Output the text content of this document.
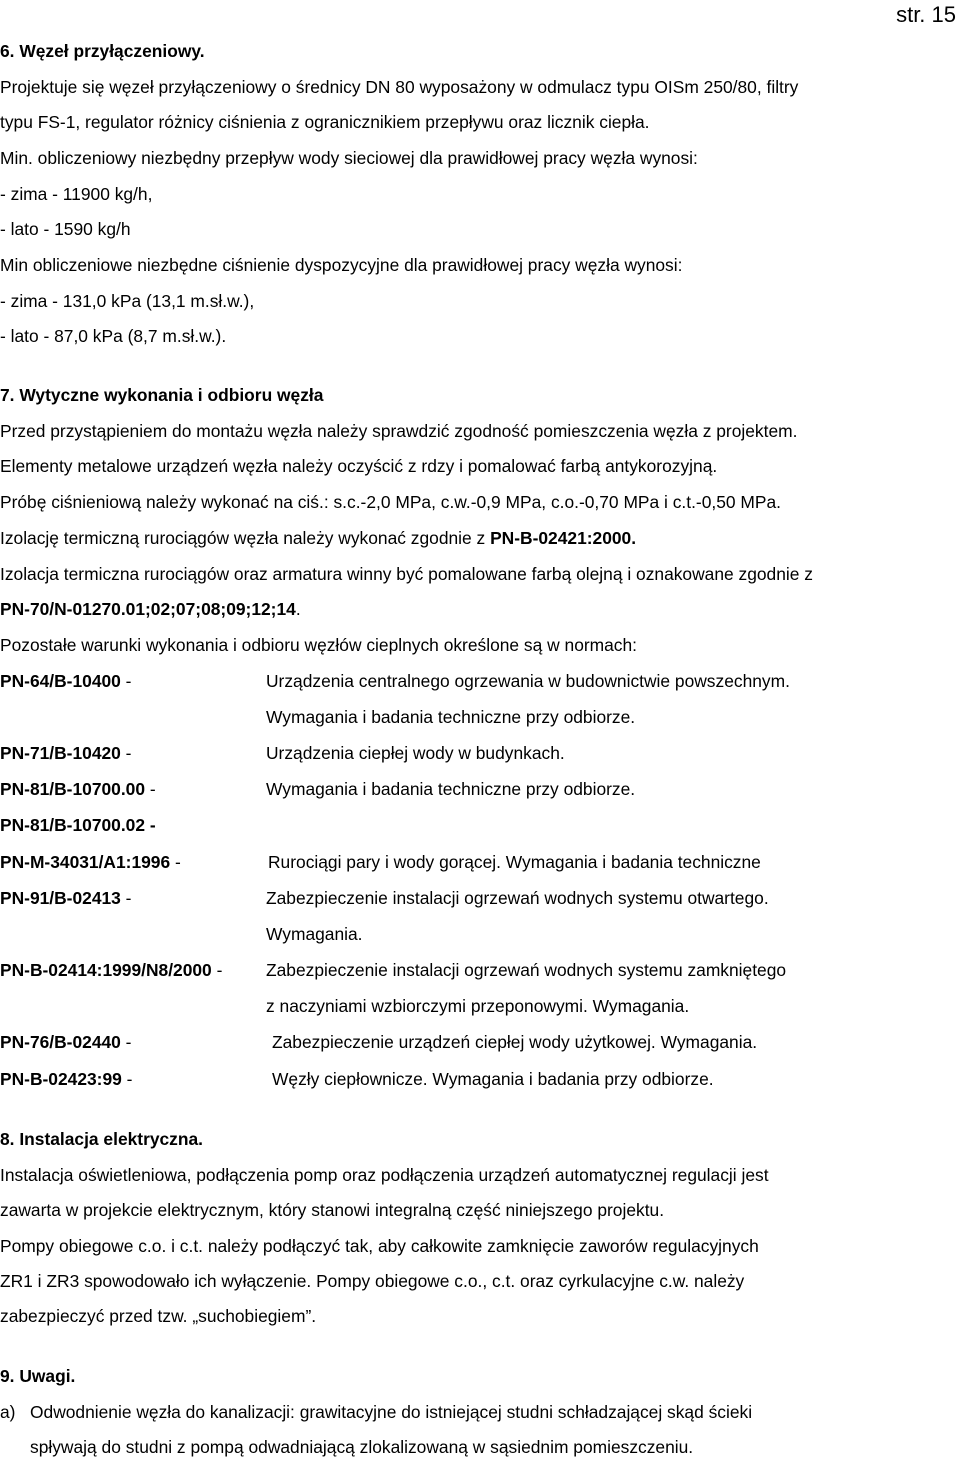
str. 15
6. Węzeł przyłączeniowy.
Projektuje się węzeł przyłączeniowy o średnicy DN 80 wyposażony w odmulacz typu OISm 250/80, filtry
typu FS-1, regulator różnicy ciśnienia z ogranicznikiem przepływu oraz licznik ciepła.
Min. obliczeniowy niezbędny przepływ wody sieciowej dla prawidłowej pracy węzła wynosi:
- zima - 11900 kg/h,
- lato - 1590 kg/h
Min obliczeniowe niezbędne ciśnienie dyspozycyjne dla prawidłowej pracy węzła wynosi:
- zima - 131,0 kPa (13,1 m.sł.w.),
- lato - 87,0 kPa (8,7 m.sł.w.).
7. Wytyczne wykonania i odbioru węzła
Przed przystąpieniem do montażu węzła należy sprawdzić zgodność pomieszczenia węzła z projektem.
Elementy metalowe urządzeń węzła należy oczyścić z rdzy i pomalować farbą antykorozyjną.
Próbę ciśnieniową należy wykonać na ciś.: s.c.-2,0 MPa, c.w.-0,9 MPa, c.o.-0,70 MPa i c.t.-0,50 MPa.
Izolację termiczną rurociągów węzła należy wykonać zgodnie z PN-B-02421:2000.
Izolacja termiczna rurociągów oraz armatura winny być pomalowane farbą olejną i oznakowane zgodnie z
PN-70/N-01270.01;02;07;08;09;12;14.
Pozostałe warunki wykonania i odbioru węzłów cieplnych określone są w normach:
PN-64/B-10400 -	Urządzenia centralnego ogrzewania w budownictwie powszechnym.
Wymagania i badania techniczne przy odbiorze.
PN-71/B-10420 -	Urządzenia ciepłej wody w budynkach.
PN-81/B-10700.00 -	Wymagania i badania techniczne przy odbiorze.
PN-81/B-10700.02 -
PN-M-34031/A1:1996 -	Rurociągi pary i wody gorącej. Wymagania i badania techniczne
PN-91/B-02413 -	Zabezpieczenie instalacji ogrzewań wodnych systemu otwartego.
Wymagania.
PN-B-02414:1999/N8/2000 -	Zabezpieczenie instalacji ogrzewań wodnych systemu zamkniętego
z naczyniami wzbiorczymi przeponowymi. Wymagania.
PN-76/B-02440 -	Zabezpieczenie urządzeń ciepłej wody użytkowej. Wymagania.
PN-B-02423:99 -	Węzły ciepłownicze. Wymagania i badania przy odbiorze.
8. Instalacja elektryczna.
Instalacja oświetleniowa, podłączenia pomp oraz podłączenia urządzeń automatycznej regulacji jest
zawarta w projekcie elektrycznym, który stanowi integralną część niniejszego projektu.
Pompy obiegowe c.o. i c.t. należy podłączyć tak, aby całkowite zamknięcie zaworów regulacyjnych
ZR1 i ZR3 spowodowało ich wyłączenie. Pompy obiegowe c.o., c.t. oraz cyrkulacyjne c.w. należy
zabezpieczyć przed tzw. „suchobiegiem”.
9. Uwagi.
a) Odwodnienie węzła do kanalizacji: grawitacyjne do istniejącej studni schładzającej skąd ścieki
spływają do studni z pompą odwadniającą zlokalizowaną w sąsiednim pomieszczeniu.
